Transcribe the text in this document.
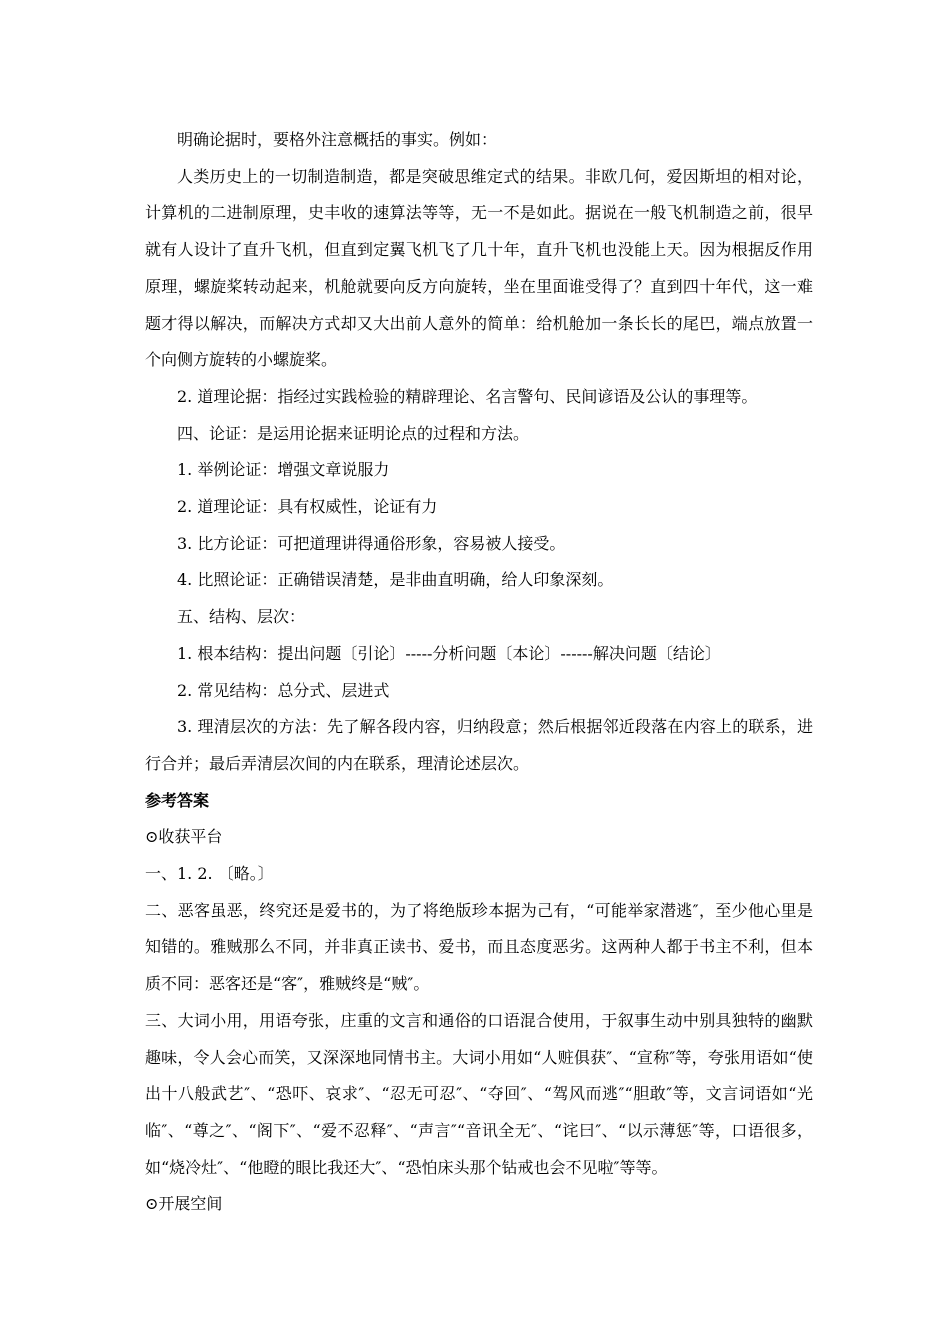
明确论据时，要格外注意概括的事实。例如：

人类历史上的一切制造制造，都是突破思维定式的结果。非欧几何，爱因斯坦的相对论，计算机的二进制原理，史丰收的速算法等等，无一不是如此。据说在一般飞机制造之前，很早就有人设计了直升飞机，但直到定翼飞机飞了几十年，直升飞机也没能上天。因为根据反作用原理，螺旋桨转动起来，机舱就要向反方向旋转，坐在里面谁受得了？直到四十年代，这一难题才得以解决，而解决方式却又大出前人意外的简单：给机舱加一条长长的尾巴，端点放置一个向侧方旋转的小螺旋桨。

2. 道理论据：指经过实践检验的精辟理论、名言警句、民间谚语及公认的事理等。

四、论证：是运用论据来证明论点的过程和方法。

1. 举例论证：增强文章说服力

2. 道理论证：具有权威性，论证有力

3. 比方论证：可把道理讲得通俗形象，容易被人接受。

4. 比照论证：正确错误清楚，是非曲直明确，给人印象深刻。

五、结构、层次：

1. 根本结构：提出问题〔引论〕-----分析问题〔本论〕------解决问题〔结论〕

2. 常见结构：总分式、层进式

3. 理清层次的方法：先了解各段内容，归纳段意；然后根据邻近段落在内容上的联系，进行合并；最后弄清层次间的内在联系，理清论述层次。

参考答案

⊙收获平台

一、1. 2. 〔略。〕

二、恶客虽恶，终究还是爱书的，为了将绝版珍本据为己有，“可能举家潜逃″，至少他心里是知错的。雅贼那么不同，并非真正读书、爱书，而且态度恶劣。这两种人都于书主不利，但本质不同：恶客还是“客″，雅贼终是“贼″。

三、大词小用，用语夸张，庄重的文言和通俗的口语混合使用，于叙事生动中别具独特的幽默趣味，令人会心而笑，又深深地同情书主。大词小用如“人赃俱获″、“宣称″等，夸张用语如“使出十八般武艺″、“恐吓、哀求″、“忍无可忍″、“夺回″、“驾风而逃″“胆敢″等，文言词语如“光临″、“尊之″、“阁下″、“爱不忍释″、“声言″“音讯全无″、“诧曰″、“以示薄惩″等，口语很多，如“烧冷灶″、“他瞪的眼比我还大″、“恐怕床头那个钻戒也会不见啦″等等。

⊙开展空间
